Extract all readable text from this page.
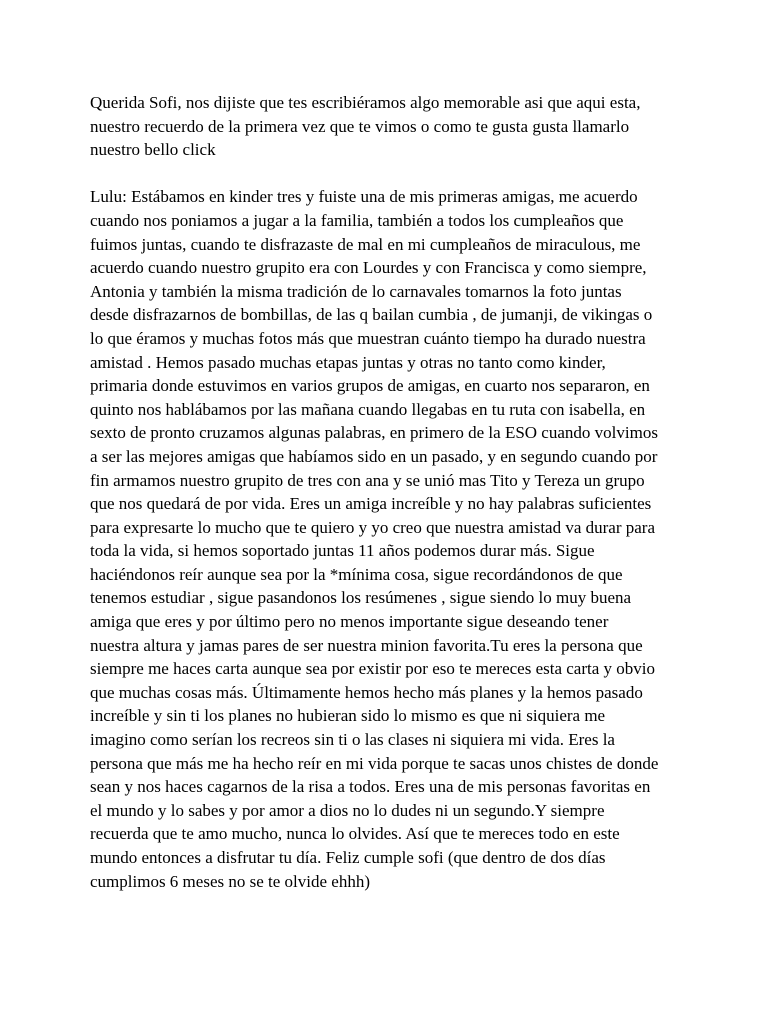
Querida Sofi, nos dijiste que tes escribiéramos algo memorable asi que aqui esta,
nuestro recuerdo de la primera vez que te vimos o como te gusta gusta llamarlo
nuestro bello click
Lulu: Estábamos en kinder tres y fuiste una de mis primeras amigas, me acuerdo
cuando nos poniamos a jugar a la familia, también a todos los cumpleaños que
fuimos juntas, cuando te disfrazaste de mal en mi cumpleaños de miraculous, me
acuerdo cuando nuestro grupito era con Lourdes y con Francisca y como siempre,
Antonia y también la misma tradición de lo carnavales tomarnos la foto juntas
desde disfrazarnos de bombillas, de las q bailan cumbia , de jumanji, de vikingas o
lo que éramos y muchas fotos más que muestran cuánto tiempo ha durado nuestra
amistad . Hemos pasado muchas etapas juntas y otras no tanto como kinder,
primaria donde estuvimos en varios grupos de amigas, en cuarto nos separaron, en
quinto nos hablábamos por las mañana cuando llegabas en tu ruta con isabella, en
sexto de pronto cruzamos algunas palabras, en primero de la ESO cuando volvimos
a ser las mejores amigas que habíamos sido en un pasado, y en segundo cuando por
fin armamos nuestro grupito de tres con ana y se unió mas Tito y Tereza un grupo
que nos quedará de por vida. Eres un amiga increíble y no hay palabras suficientes
para expresarte lo mucho que te quiero y yo creo que nuestra amistad va durar para
toda la vida, si hemos soportado juntas 11 años podemos durar más. Sigue
haciéndonos reír aunque sea por la *mínima cosa, sigue recordándonos de que
tenemos estudiar , sigue pasandonos los resúmenes , sigue siendo lo muy buena
amiga que eres y por último pero no menos importante sigue deseando tener
nuestra altura y jamas pares de ser nuestra minion favorita.Tu eres la persona que
siempre me haces carta aunque sea por existir por eso te mereces esta carta y obvio
que muchas cosas más. Últimamente hemos hecho más planes y la hemos pasado
increíble y sin ti los planes no hubieran sido lo mismo es que ni siquiera me
imagino como serían los recreos sin ti o las clases ni siquiera mi vida. Eres la
persona que más me ha hecho reír en mi vida porque te sacas unos chistes de donde
sean y nos haces cagarnos de la risa a todos. Eres una de mis personas favoritas en
el mundo y lo sabes y por amor a dios no lo dudes ni un segundo.Y siempre
recuerda que te amo mucho, nunca lo olvides. Así que te mereces todo en este
mundo entonces a disfrutar tu día. Feliz cumple sofi (que dentro de dos días
cumplimos 6 meses no se te olvide ehhh)
